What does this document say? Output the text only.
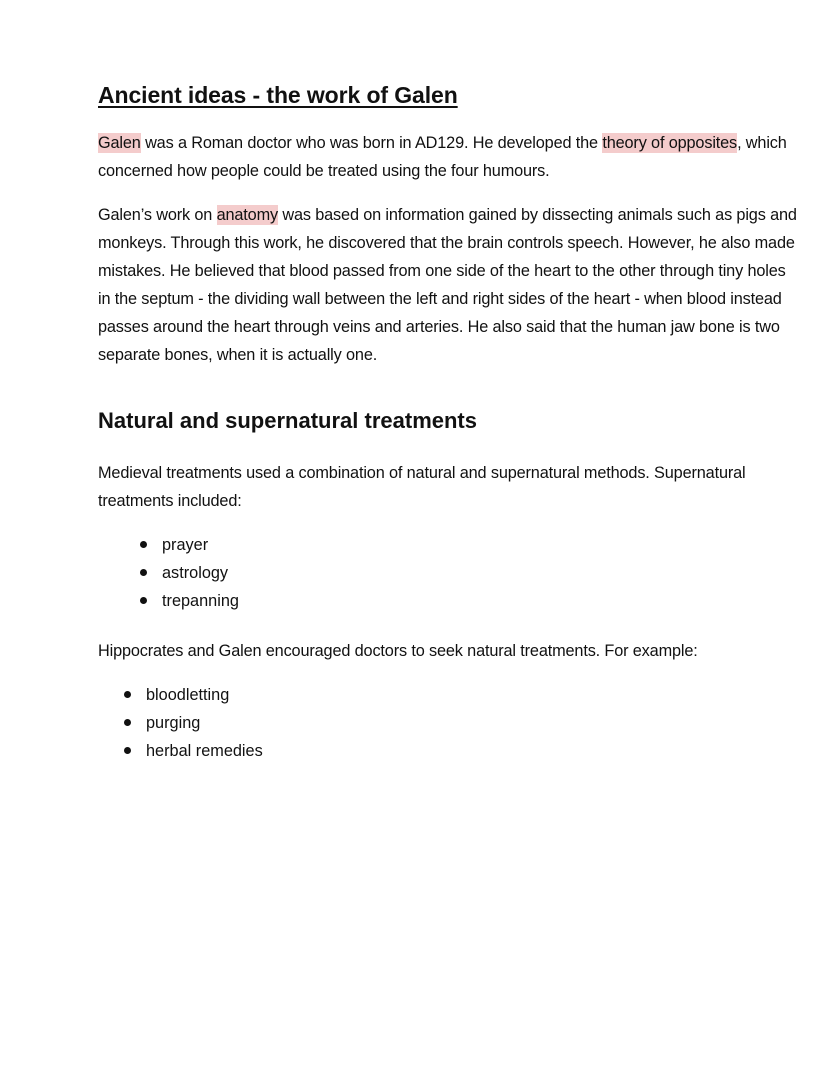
Ancient ideas - the work of Galen

Galen was a Roman doctor who was born in AD129. He developed the theory of opposites, which concerned how people could be treated using the four humours.

Galen’s work on anatomy was based on information gained by dissecting animals such as pigs and monkeys. Through this work, he discovered that the brain controls speech. However, he also made mistakes. He believed that blood passed from one side of the heart to the other through tiny holes in the septum - the dividing wall between the left and right sides of the heart - when blood instead passes around the heart through veins and arteries. He also said that the human jaw bone is two separate bones, when it is actually one.

Natural and supernatural treatments

Medieval treatments used a combination of natural and supernatural methods. Supernatural treatments included:

prayer
astrology
trepanning

Hippocrates and Galen encouraged doctors to seek natural treatments. For example:

bloodletting
purging
herbal remedies
